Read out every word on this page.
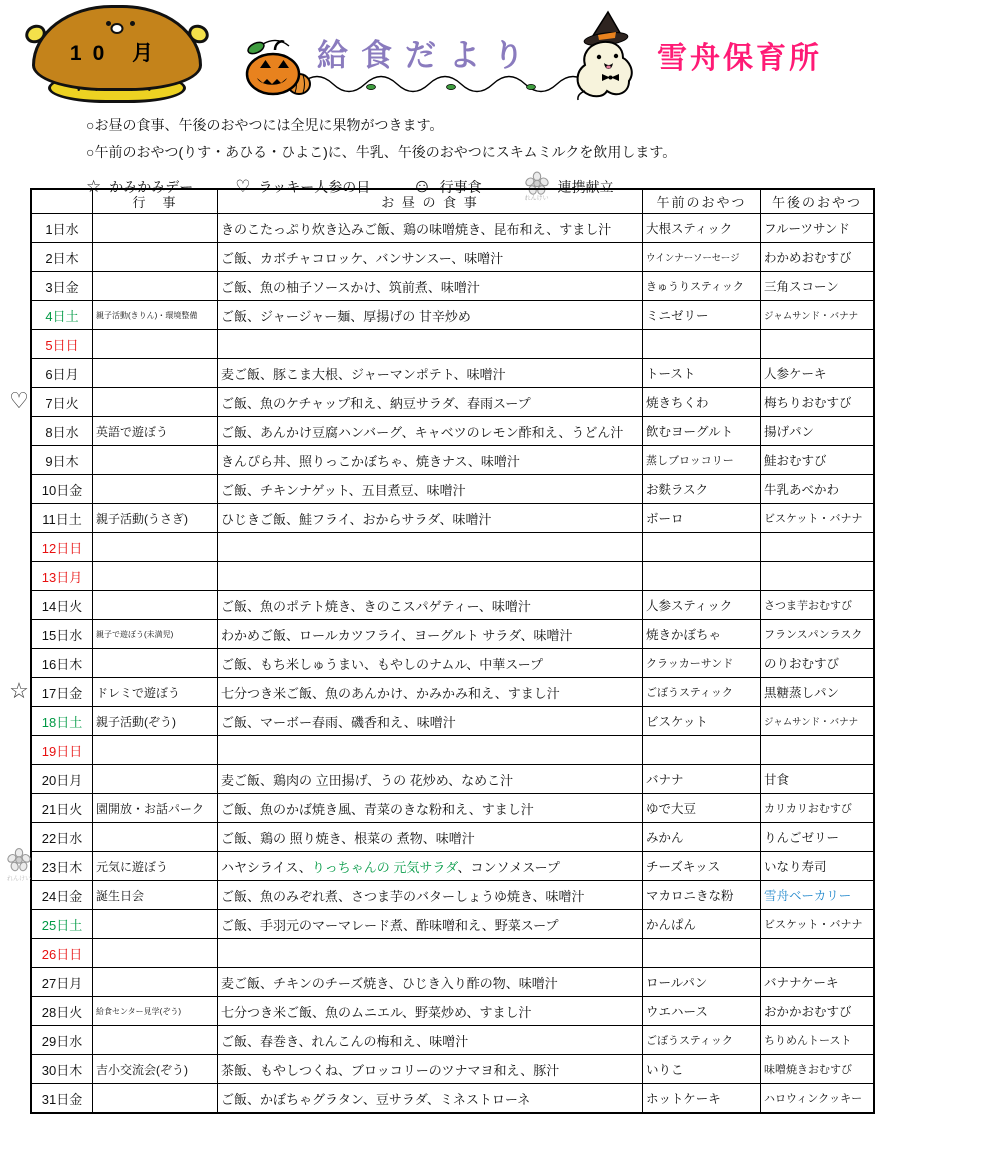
• •
10 月	給食だより	雪舟保育所
○お昼の食事、午後のおやつには全児に果物がつきます。
○午前のおやつ(りす・あひる・ひよこ)に、牛乳、午後のおやつにスキムミルクを飲用します。
☆ かみかみデー ♡ ラッキー人参の日 ☺ 行事食
れんけい
連携献立
	行　事	お 昼 の 食 事	午前のおやつ	午後のおやつ
1日水		きのこたっぷり炊き込みご飯、鶏の味噌焼き、昆布和え、すまし汁	大根スティック	フルーツサンド
2日木		ご飯、カボチャコロッケ、バンサンスー、味噌汁	ウインナーソーセージ	わかめおむすび
3日金		ご飯、魚の柚子ソースかけ、筑前煮、味噌汁	きゅうりスティック	三角スコーン
4日土	親子活動(きりん)・環境整備	ご飯、ジャージャー麺、厚揚げの 甘辛炒め	ミニゼリー	ジャムサンド・バナナ
5日日				
6日月		麦ご飯、豚こま大根、ジャーマンポテト、味噌汁	トースト	人参ケーキ
7日火		ご飯、魚のケチャップ和え、納豆サラダ、春雨スープ	焼きちくわ	梅ちりおむすび
8日水	英語で遊ぼう	ご飯、あんかけ豆腐ハンバーグ、キャベツのレモン酢和え、うどん汁	飲むヨーグルト	揚げパン
9日木		きんぴら丼、照りっこかぼちゃ、焼きナス、味噌汁	蒸しブロッコリー	鮭おむすび
10日金		ご飯、チキンナゲット、五目煮豆、味噌汁	お麩ラスク	牛乳あべかわ
11日土	親子活動(うさぎ)	ひじきご飯、鮭フライ、おからサラダ、味噌汁	ボーロ	ビスケット・バナナ
12日日				
13日月				
14日火		ご飯、魚のポテト焼き、きのこスパゲティー、味噌汁	人参スティック	さつま芋おむすび
15日水	親子で遊ぼう(未満児)	わかめご飯、ロールカツフライ、ヨーグルト サラダ、味噌汁	焼きかぼちゃ	フランスパンラスク
16日木		ご飯、もち米しゅうまい、もやしのナムル、中華スープ	クラッカーサンド	のりおむすび
17日金	ドレミで遊ぼう	七分つき米ご飯、魚のあんかけ、かみかみ和え、すまし汁	ごぼうスティック	黒糖蒸しパン
18日土	親子活動(ぞう)	ご飯、マーボー春雨、磯香和え、味噌汁	ビスケット	ジャムサンド・バナナ
19日日				
20日月		麦ご飯、鶏肉の 立田揚げ、うの 花炒め、なめこ汁	バナナ	甘食
21日火	園開放・お話パーク	ご飯、魚のかば焼き風、青菜のきな粉和え、すまし汁	ゆで大豆	カリカリおむすび
22日水		ご飯、鶏の 照り焼き、根菜の 煮物、味噌汁	みかん	りんごゼリー
23日木	元気に遊ぼう	ハヤシライス、りっちゃんの 元気サラダ、コンソメスープ	チーズキッス	いなり寿司
24日金	誕生日会	ご飯、魚のみぞれ煮、さつま芋のバターしょうゆ焼き、味噌汁	マカロニきな粉	雪舟ベーカリー
25日土		ご飯、手羽元のマーマレード煮、酢味噌和え、野菜スープ	かんぱん	ビスケット・バナナ
26日日				
27日月		麦ご飯、チキンのチーズ焼き、ひじき入り酢の物、味噌汁	ロールパン	バナナケーキ
28日火	給食センター見学(ぞう)	七分つき米ご飯、魚のムニエル、野菜炒め、すまし汁	ウエハース	おかかおむすび
29日水		ご飯、春巻き、れんこんの梅和え、味噌汁	ごぼうスティック	ちりめんトースト
30日木	吉小交流会(ぞう)	茶飯、もやしつくね、ブロッコリーのツナマヨ和え、豚汁	いりこ	味噌焼きおむすび
31日金		ご飯、かぼちゃグラタン、豆サラダ、ミネストローネ	ホットケーキ	ハロウィンクッキー
♡
☆
れんけい
